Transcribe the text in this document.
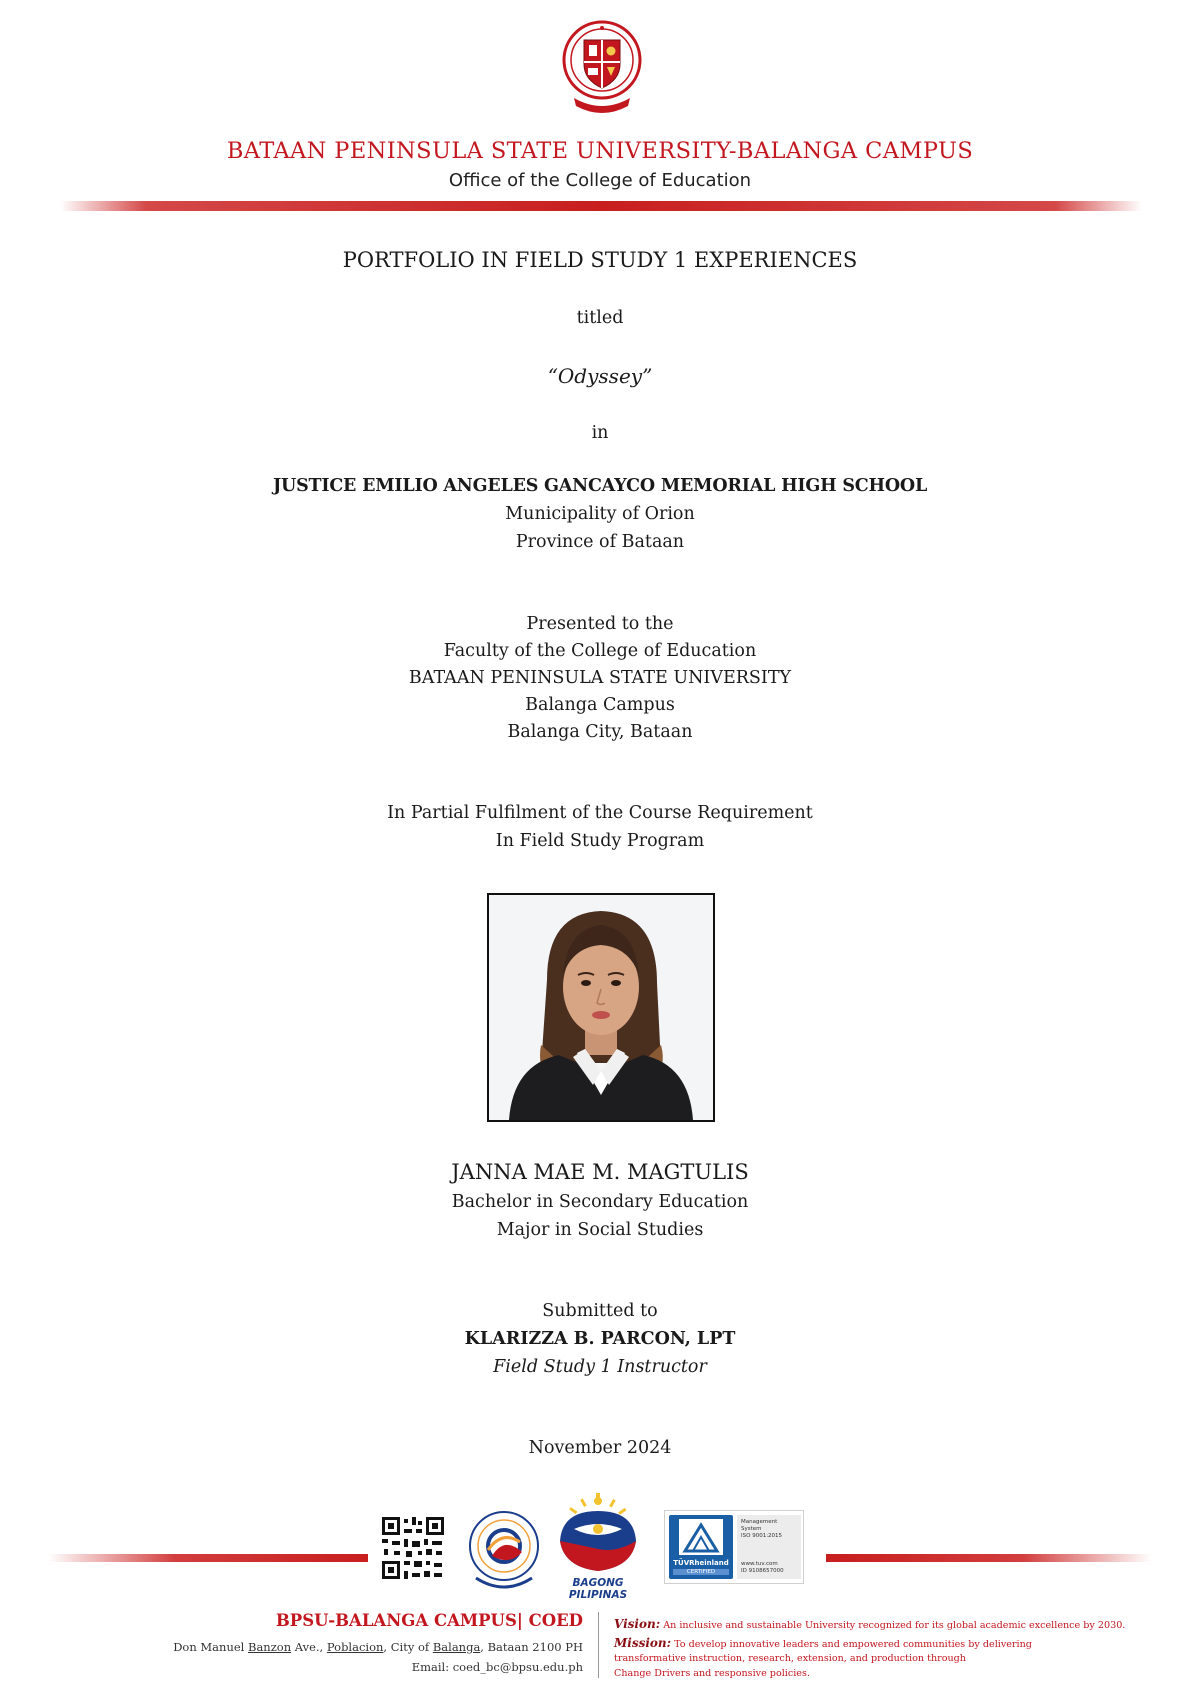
BATAAN PENINSULA STATE UNIVERSITY-BALANGA CAMPUS
Office of the College of Education
PORTFOLIO IN FIELD STUDY 1 EXPERIENCES
titled
“Odyssey”
in
JUSTICE EMILIO ANGELES GANCAYCO MEMORIAL HIGH SCHOOL
Municipality of Orion
Province of Bataan
Presented to the
Faculty of the College of Education
BATAAN PENINSULA STATE UNIVERSITY
Balanga Campus
Balanga City, Bataan
In Partial Fulfilment of the Course Requirement
In Field Study Program
JANNA MAE M. MAGTULIS
Bachelor in Secondary Education
Major in Social Studies
Submitted to
KLARIZZA B. PARCON, LPT
Field Study 1 Instructor
November 2024
BAGONG PILIPINAS
TÜVRheinland
CERTIFIED
Management
System
ISO 9001:2015
www.tuv.com
ID 9108657000
BPSU-BALANGA CAMPUS| COED
Don Manuel Banzon Ave., Poblacion, City of Balanga, Bataan 2100 PH
Email: coed_bc@bpsu.edu.ph
Vision: An inclusive and sustainable University recognized for its global academic excellence by 2030.
Mission: To develop innovative leaders and empowered communities by delivering
transformative instruction, research, extension, and production through
Change Drivers and responsive policies.
